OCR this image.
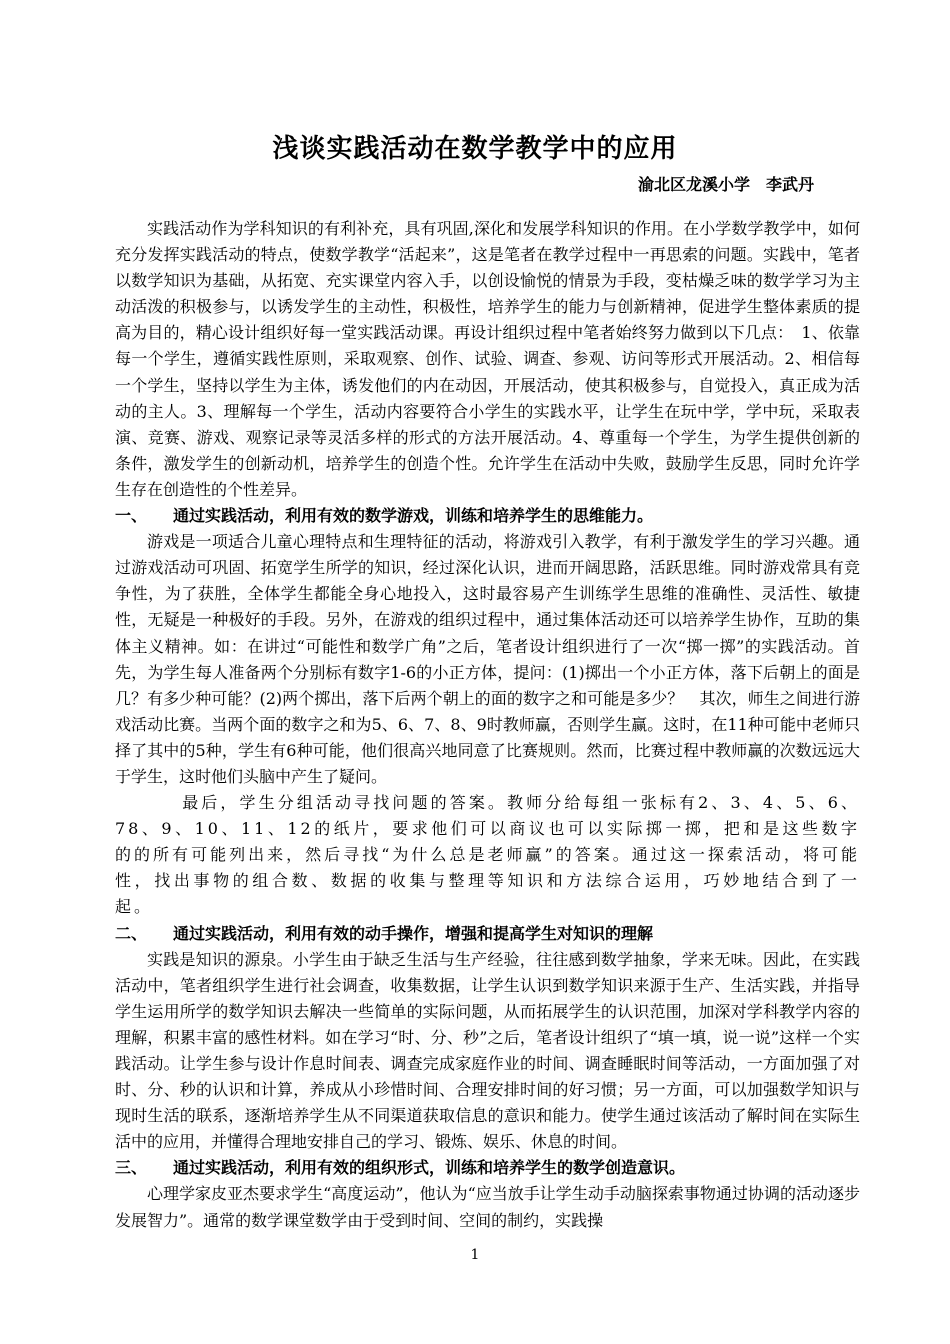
浅谈实践活动在数学教学中的应用
渝北区龙溪小学　李武丹

实践活动作为学科知识的有利补充，具有巩固,深化和发展学科知识的作用。在小学数学教学中，如何充分发挥实践活动的特点，使数学教学“活起来”，这是笔者在教学过程中一再思索的问题。实践中，笔者以数学知识为基础，从拓宽、充实课堂内容入手，以创设愉悦的情景为手段，变枯燥乏味的数学学习为主动活泼的积极参与，以诱发学生的主动性，积极性，培养学生的能力与创新精神，促进学生整体素质的提高为目的，精心设计组织好每一堂实践活动课。再设计组织过程中笔者始终努力做到以下几点：　1、依靠每一个学生，遵循实践性原则，采取观察、创作、试验、调查、参观、访问等形式开展活动。2、相信每一个学生，坚持以学生为主体，诱发他们的内在动因，开展活动，使其积极参与，自觉投入，真正成为活动的主人。3、理解每一个学生，活动内容要符合小学生的实践水平，让学生在玩中学，学中玩，采取表演、竞赛、游戏、观察记录等灵活多样的形式的方法开展活动。4、尊重每一个学生，为学生提供创新的条件，激发学生的创新动机，培养学生的创造个性。允许学生在活动中失败，鼓励学生反思，同时允许学生存在创造性的个性差异。

一、 通过实践活动，利用有效的数学游戏，训练和培养学生的思维能力。

游戏是一项适合儿童心理特点和生理特征的活动，将游戏引入教学，有利于激发学生的学习兴趣。通过游戏活动可巩固、拓宽学生所学的知识，经过深化认识，进而开阔思路，活跃思维。同时游戏常具有竞争性，为了获胜，全体学生都能全身心地投入，这时最容易产生训练学生思维的准确性、灵活性、敏捷性，无疑是一种极好的手段。另外，在游戏的组织过程中，通过集体活动还可以培养学生协作，互助的集体主义精神。如：在讲过“可能性和数学广角”之后，笔者设计组织进行了一次“掷一掷”的实践活动。首先，为学生每人准备两个分别标有数字1-6的小正方体，提问：(1)掷出一个小正方体，落下后朝上的面是几？有多少种可能？(2)两个掷出，落下后两个朝上的面的数字之和可能是多少？　其次，师生之间进行游戏活动比赛。当两个面的数字之和为5、6、7、8、9时教师赢，否则学生赢。这时，在11种可能中老师只择了其中的5种，学生有6种可能，他们很高兴地同意了比赛规则。然而，比赛过程中教师赢的次数远远大于学生，这时他们头脑中产生了疑问。

最后，学生分组活动寻找问题的答案。教师分给每组一张标有2、3、4、5、6、78、9、10、11、12的纸片，要求他们可以商议也可以实际掷一掷，把和是这些数字的的所有可能列出来，然后寻找“为什么总是老师赢”的答案。通过这一探索活动，将可能性，找出事物的组合数、数据的收集与整理等知识和方法综合运用，巧妙地结合到了一起。

二、 通过实践活动，利用有效的动手操作，增强和提高学生对知识的理解

实践是知识的源泉。小学生由于缺乏生活与生产经验，往往感到数学抽象，学来无味。因此，在实践活动中，笔者组织学生进行社会调查，收集数据，让学生认识到数学知识来源于生产、生活实践，并指导学生运用所学的数学知识去解决一些简单的实际问题，从而拓展学生的认识范围，加深对学科教学内容的理解，积累丰富的感性材料。如在学习“时、分、秒”之后，笔者设计组织了“填一填，说一说”这样一个实践活动。让学生参与设计作息时间表、调查完成家庭作业的时间、调查睡眠时间等活动，一方面加强了对时、分、秒的认识和计算，养成从小珍惜时间、合理安排时间的好习惯；另一方面，可以加强数学知识与现时生活的联系，逐渐培养学生从不同渠道获取信息的意识和能力。使学生通过该活动了解时间在实际生活中的应用，并懂得合理地安排自己的学习、锻炼、娱乐、休息的时间。

三、 通过实践活动，利用有效的组织形式，训练和培养学生的数学创造意识。

心理学家皮亚杰要求学生“高度运动”，他认为“应当放手让学生动手动脑探索事物通过协调的活动逐步发展智力”。通常的数学课堂数学由于受到时间、空间的制约，实践操

1
